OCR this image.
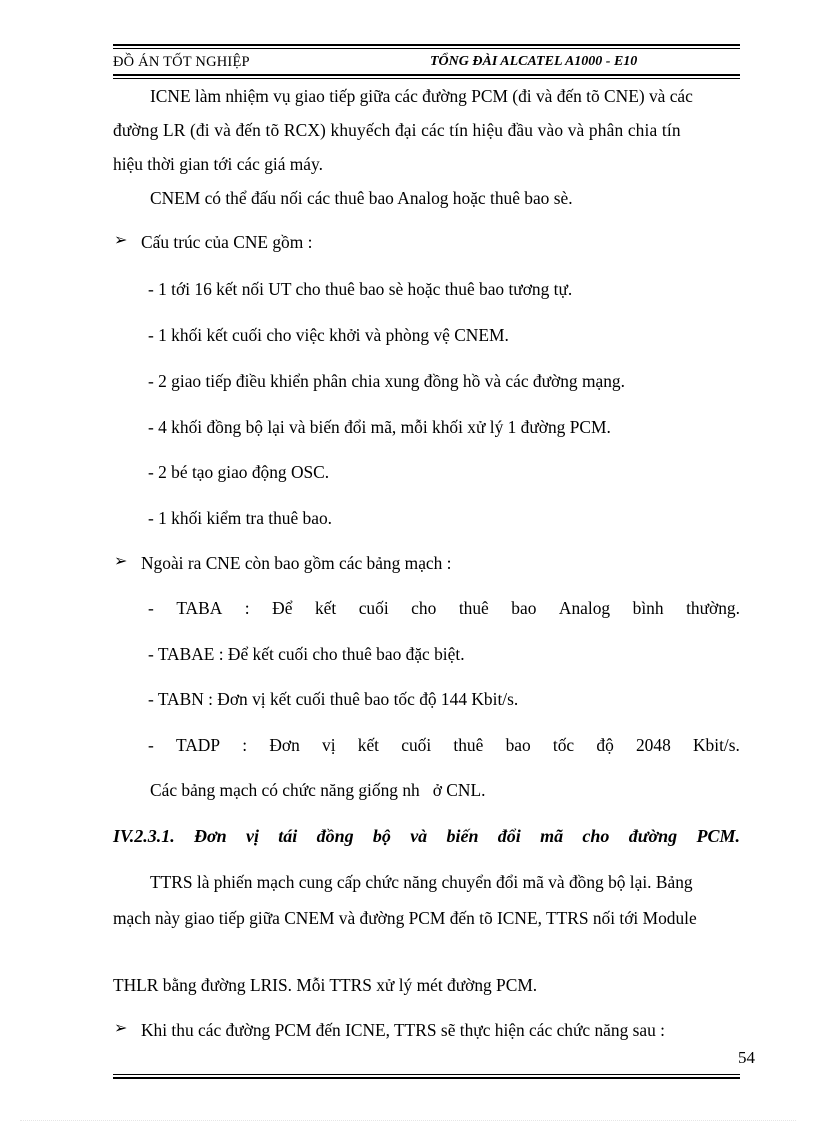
ĐỒ ÁN TỐT NGHIỆP	TỔNG ĐÀI ALCATEL A1000 - E10
ICNE làm nhiệm vụ giao tiếp giữa các đường PCM (đi và đến tõ CNE) và các
đường LR (đi và đến tõ RCX) khuyếch đại các tín hiệu đầu vào và phân chia tín
hiệu thời gian tới các giá máy.
CNEM có thể đấu nối các thuê bao Analog hoặc thuê bao sè.
➢ Cấu trúc của CNE gồm :
- 1 tới 16 kết nối UT cho thuê bao sè hoặc thuê bao tương tự.
- 1 khối kết cuối cho việc khởi và phòng vệ CNEM.
- 2 giao tiếp điều khiển phân chia xung đồng hồ và các đường mạng.
- 4 khối đồng bộ lại và biến đổi mã, mỗi khối xử lý 1 đường PCM.
- 2 bé tạo giao động OSC.
- 1 khối kiểm tra thuê bao.
➢ Ngoài ra CNE còn bao gồm các bảng mạch :
- TABA : Để kết cuối cho thuê bao Analog bình thường.
- TABAE : Để kết cuối cho thuê bao đặc biệt.
- TABN : Đơn vị kết cuối thuê bao tốc độ 144 Kbit/s.
- TADP : Đơn vị kết cuối thuê bao tốc độ 2048 Kbit/s.
Các bảng mạch có chức năng giống nh   ở CNL.
IV.2.3.1. Đơn vị tái đồng bộ và biến đổi mã cho đường PCM.
TTRS là phiến mạch cung cấp chức năng chuyển đổi mã và đồng bộ lại. Bảng
mạch này giao tiếp giữa CNEM và đường PCM đến tõ ICNE, TTRS nối tới Module
THLR bằng đường LRIS. Mỗi TTRS xử lý mét đường PCM.
➢ Khi thu các đường PCM đến ICNE, TTRS sẽ thực hiện các chức năng sau :
54
